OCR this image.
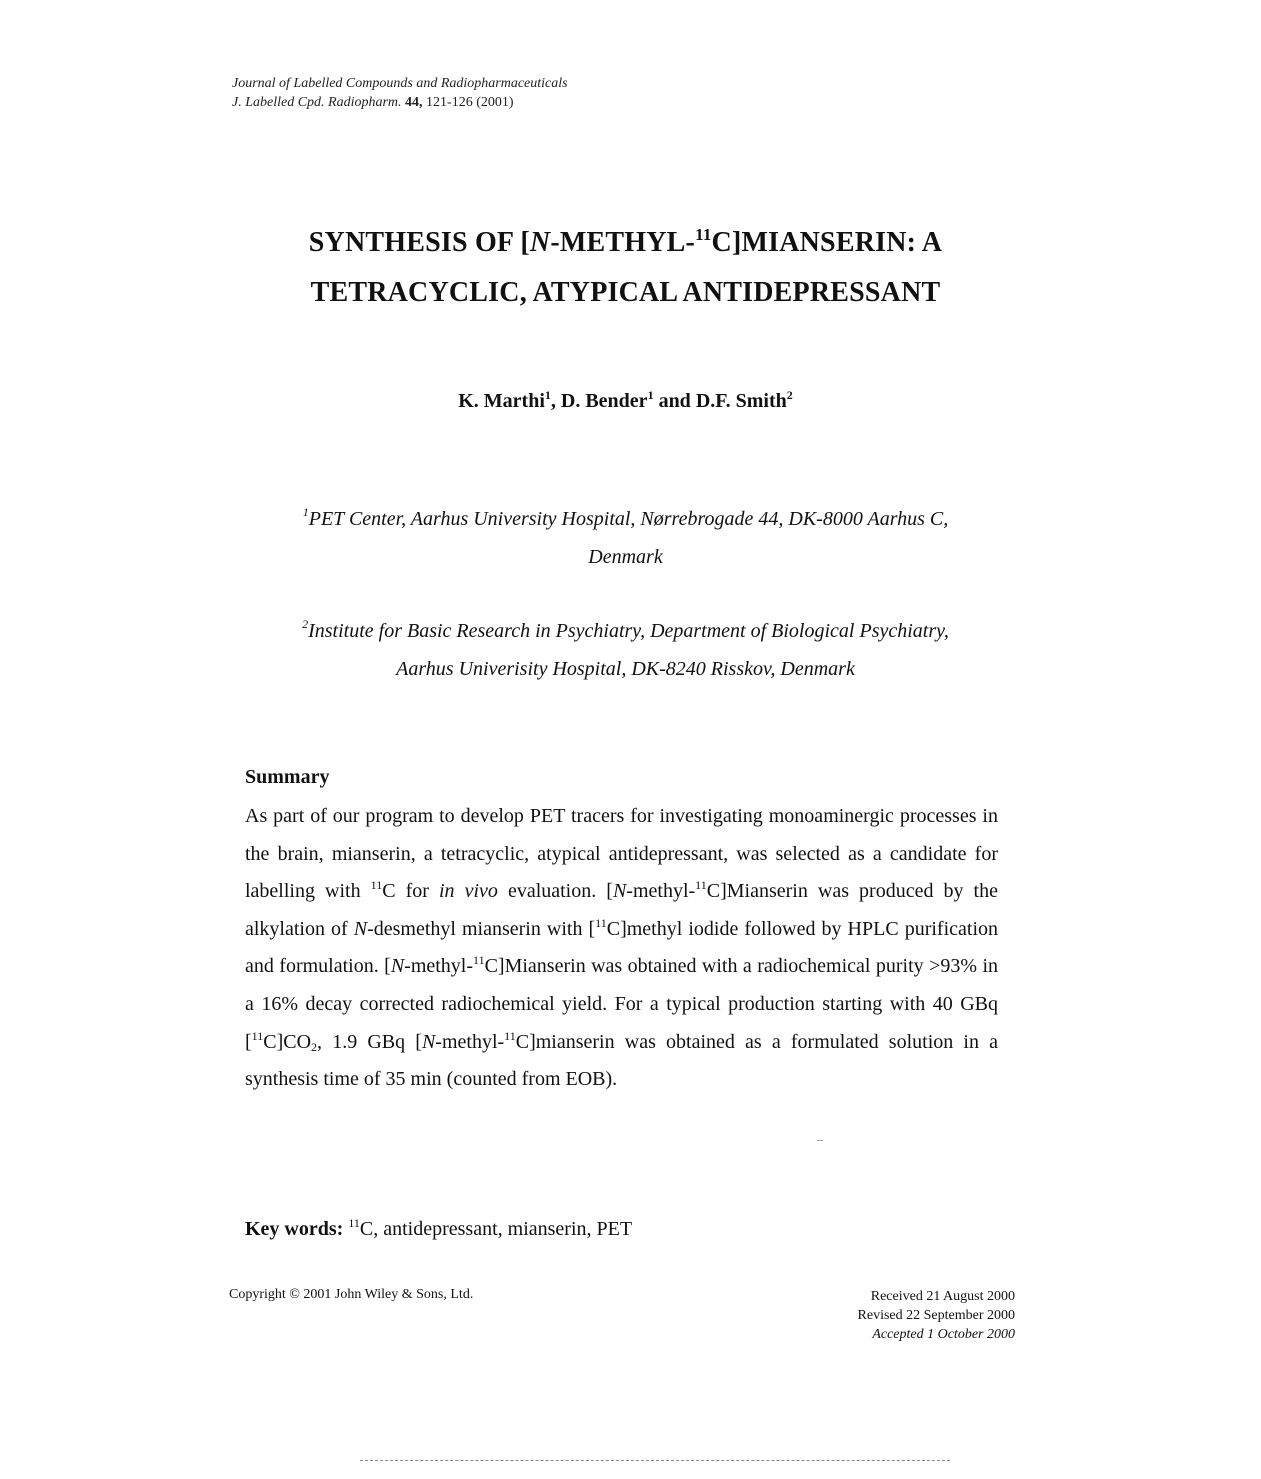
Journal of Labelled Compounds and Radiopharmaceuticals
J. Labelled Cpd. Radiopharm. 44, 121-126 (2001)
SYNTHESIS OF [N-METHYL-$^{11}$C]MIANSERIN: A
TETRACYCLIC, ATYPICAL ANTIDEPRESSANT
K. Marthi$^1$, D. Bender$^1$ and D.F. Smith$^2$
$^1$PET Center, Aarhus University Hospital, Nørrebrogade 44, DK-8000 Aarhus C,
Denmark
$^2$Institute for Basic Research in Psychiatry, Department of Biological Psychiatry,
Aarhus Univerisity Hospital, DK-8240 Risskov, Denmark
Summary
As part of our program to develop PET tracers for investigating monoaminergic processes in the brain, mianserin, a tetracyclic, atypical antidepressant, was selected as a candidate for labelling with $^{11}$C for in vivo evaluation. [N-methyl-$^{11}$C]Mianserin was produced by the alkylation of N-desmethyl mianserin with [$^{11}$C]methyl iodide followed by HPLC purification and formulation. [N-methyl-$^{11}$C]Mianserin was obtained with a radiochemical purity >93% in a 16% decay corrected radiochemical yield. For a typical production starting with 40 GBq $[^{11}C]CO_2$, 1.9 GBq [N-methyl-$^{11}$C]mianserin was obtained as a formulated solution in a synthesis time of 35 min (counted from EOB).
Key words: $^{11}$C, antidepressant, mianserin, PET
Copyright © 2001 John Wiley & Sons, Ltd.	Received 21 August 2000
Revised 22 September 2000
Accepted 1 October 2000
